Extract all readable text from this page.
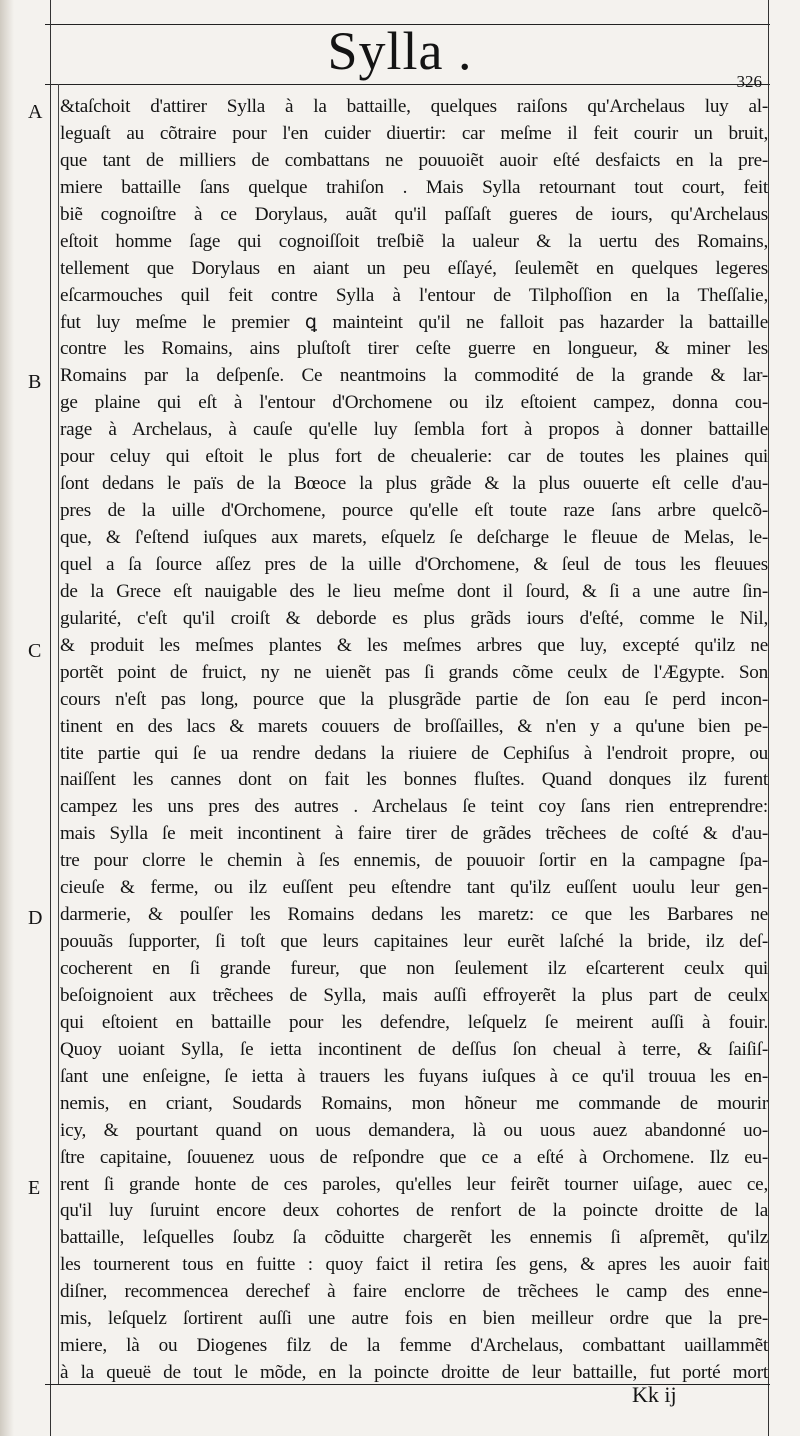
Sylla .
326
A
B
C
D
E
&taſchoit d'attirer Sylla à la battaille, quelques raiſons qu'Archelaus luy al-
leguaſt au cõtraire pour l'en cuider diuertir: car meſme il feit courir un bruit,
que tant de milliers de combattans ne pouuoiẽt auoir eſté desfaicts en la pre-
miere battaille ſans quelque trahiſon . Mais Sylla retournant tout court, feit
biẽ cognoiſtre à ce Dorylaus, auãt qu'il paſſaſt gueres de iours, qu'Archelaus
eſtoit homme ſage qui cognoiſſoit treſbiẽ la ualeur & la uertu des Romains,
tellement que Dorylaus en aiant un peu eſſayé, ſeulemẽt en quelques legeres
eſcarmouches quil feit contre Sylla à l'entour de Tilphoſſion en la Theſſalie,
fut luy meſme le premier ꝗ mainteint qu'il ne falloit pas hazarder la battaille
contre les Romains, ains pluſtoſt tirer ceſte guerre en longueur, & miner les
Romains par la deſpenſe. Ce neantmoins la commodité de la grande & lar-
ge plaine qui eſt à l'entour d'Orchomene ou ilz eſtoient campez, donna cou-
rage à Archelaus, à cauſe qu'elle luy ſembla fort à propos à donner battaille
pour celuy qui eſtoit le plus fort de cheualerie: car de toutes les plaines qui
ſont dedans le païs de la Bœoce la plus grãde & la plus ouuerte eſt celle d'au-
pres de la uille d'Orchomene, pource qu'elle eſt toute raze ſans arbre quelcõ-
que, & ſ'eſtend iuſques aux marets, eſquelz ſe deſcharge le fleuue de Melas, le-
quel a ſa ſource aſſez pres de la uille d'Orchomene, & ſeul de tous les fleuues
de la Grece eſt nauigable des le lieu meſme dont il ſourd, & ſi a une autre ſin-
gularité, c'eſt qu'il croiſt & deborde es plus grãds iours d'eſté, comme le Nil,
& produit les meſmes plantes & les meſmes arbres que luy, excepté qu'ilz ne
portẽt point de fruict, ny ne uienẽt pas ſi grands cõme ceulx de l'Ægypte. Son
cours n'eſt pas long, pource que la plusgrãde partie de ſon eau ſe perd incon-
tinent en des lacs & marets couuers de broſſailles, & n'en y a qu'une bien pe-
tite partie qui ſe ua rendre dedans la riuiere de Cephiſus à l'endroit propre, ou
naiſſent les cannes dont on fait les bonnes fluſtes. Quand donques ilz furent
campez les uns pres des autres . Archelaus ſe teint coy ſans rien entreprendre:
mais Sylla ſe meit incontinent à faire tirer de grãdes trẽchees de coſté & d'au-
tre pour clorre le chemin à ſes ennemis, de pouuoir ſortir en la campagne ſpa-
cieuſe & ferme, ou ilz euſſent peu eſtendre tant qu'ilz euſſent uoulu leur gen-
darmerie, & poulſer les Romains dedans les maretz: ce que les Barbares ne
pouuãs ſupporter, ſi toſt que leurs capitaines leur eurẽt laſché la bride, ilz deſ-
cocherent en ſi grande fureur, que non ſeulement ilz eſcarterent ceulx qui
beſoignoient aux trẽchees de Sylla, mais auſſi effroyerẽt la plus part de ceulx
qui eſtoient en battaille pour les defendre, leſquelz ſe meirent auſſi à fouir.
Quoy uoiant Sylla, ſe ietta incontinent de deſſus ſon cheual à terre, & ſaiſiſ-
ſant une enſeigne, ſe ietta à trauers les fuyans iuſques à ce qu'il trouua les en-
nemis, en criant, Soudards Romains, mon hõneur me commande de mourir
icy, & pourtant quand on uous demandera, là ou uous auez abandonné uo-
ſtre capitaine, ſouuenez uous de reſpondre que ce a eſté à Orchomene. Ilz eu-
rent ſi grande honte de ces paroles, qu'elles leur feirẽt tourner uiſage, auec ce,
qu'il luy ſuruint encore deux cohortes de renfort de la poincte droitte de la
battaille, leſquelles ſoubz ſa cõduitte chargerẽt les ennemis ſi aſpremẽt, qu'ilz
les tournerent tous en fuitte : quoy faict il retira ſes gens, & apres les auoir fait
diſner, recommencea derechef à faire enclorre de trẽchees le camp des enne-
mis, leſquelz ſortirent auſſi une autre fois en bien meilleur ordre que la pre-
miere, là ou Diogenes filz de la femme d'Archelaus, combattant uaillammẽt
à la queuë de tout le mõde, en la poincte droitte de leur battaille, fut porté mort
Kk ij
